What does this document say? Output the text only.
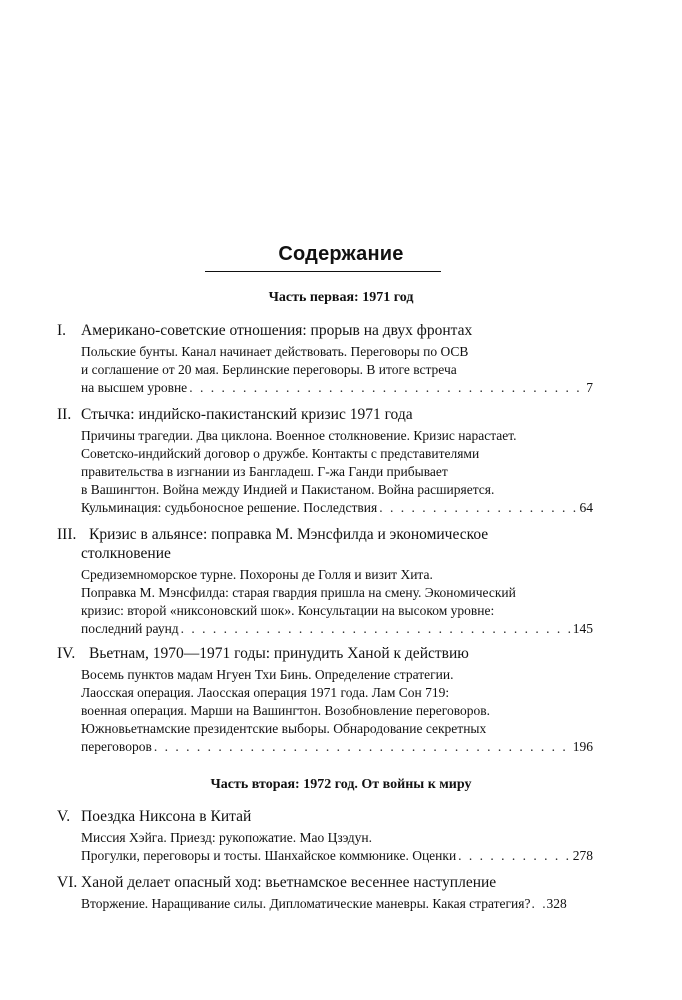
Содержание
Часть первая: 1971 год
I. Американо-советские отношения: прорыв на двух фронтах
Польские бунты. Канал начинает действовать. Переговоры по ОСВ
и соглашение от 20 мая. Берлинские переговоры. В итоге встреча
на высшем уровне . . .	7
II. Стычка: индийско-пакистанский кризис 1971 года
Причины трагедии. Два циклона. Военное столкновение. Кризис нарастает.
Советско-индийский договор о дружбе. Контакты с представителями
правительства в изгнании из Бангладеш. Г-жа Ганди прибывает
в Вашингтон. Война между Индией и Пакистаном. Война расширяется.
Кульминация: судьбоносное решение. Последствия . . .	64
III. Кризис в альянсе: поправка М. Мэнсфилда и экономическое
столкновение
Средиземноморское турне. Похороны де Голля и визит Хита.
Поправка М. Мэнсфилда: старая гвардия пришла на смену. Экономический
кризис: второй «никсоновский шок». Консультации на высоком уровне:
последний раунд . . .	145
IV. Вьетнам, 1970—1971 годы: принудить Ханой к действию
Восемь пунктов мадам Нгуен Тхи Бинь. Определение стратегии.
Лаосская операция. Лаосская операция 1971 года. Лам Сон 719:
военная операция. Марши на Вашингтон. Возобновление переговоров.
Южновьетнамские президентские выборы. Обнародование секретных
переговоров . . .	196
Часть вторая: 1972 год. От войны к миру
V. Поездка Никсона в Китай
Миссия Хэйга. Приезд: рукопожатие. Мао Цзэдун.
Прогулки, переговоры и тосты. Шанхайское коммюнике. Оценки . . .	278
VI. Ханой делает опасный ход: вьетнамское весеннее наступление
Вторжение. Наращивание силы. Дипломатические маневры. Какая стратегия? . . . 328
